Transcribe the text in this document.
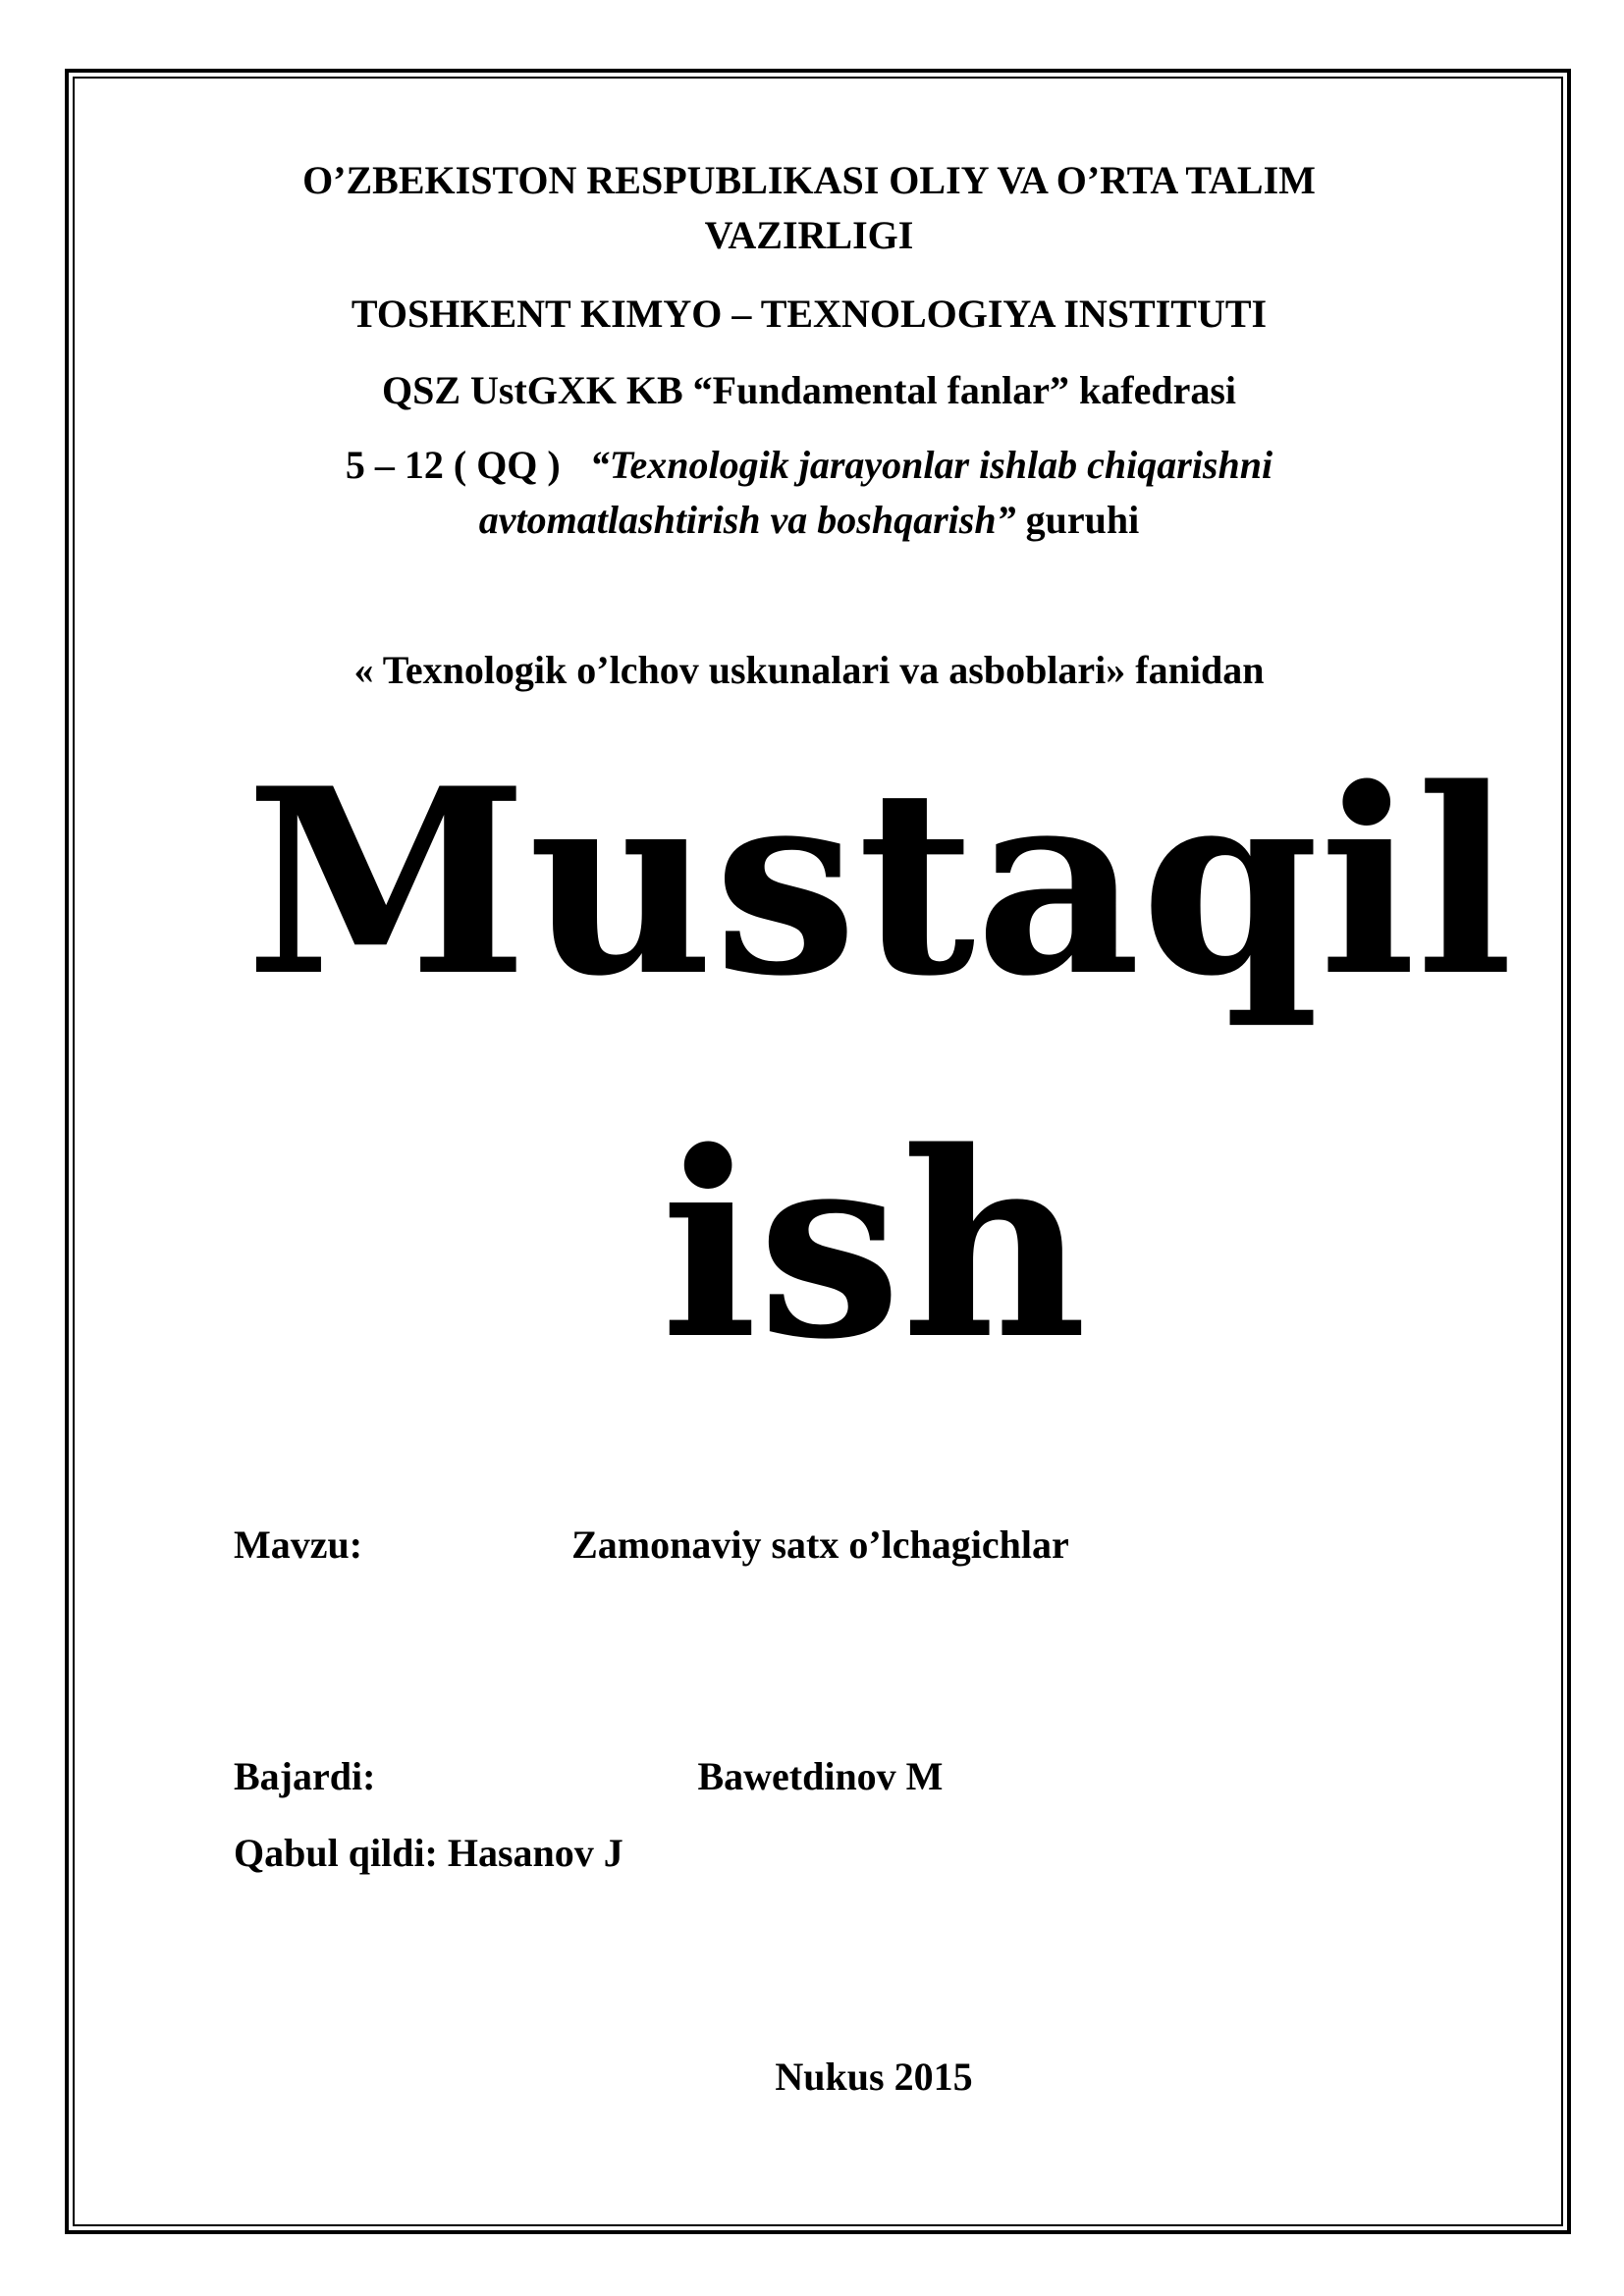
O’ZBEKISTON RESPUBLIKASI OLIY VA O’RTA TALIM VAZIRLIGI
TOSHKENT KIMYO – TEXNOLOGIYA INSTITUTI
QSZ UstGXK KB “Fundamental fanlar” kafedrasi
5 – 12 ( QQ ) “Texnologik jarayonlar ishlab chiqarishni avtomatlashtirish va boshqarish” guruhi
« Texnologik o’lchov uskunalari va asboblari» fanidan
Mustaqil
ish
Mavzu:	Zamonaviy satx o’lchagichlar
Bajardi:	Bawetdinov M
Qabul qildi: Hasanov J
Nukus 2015
